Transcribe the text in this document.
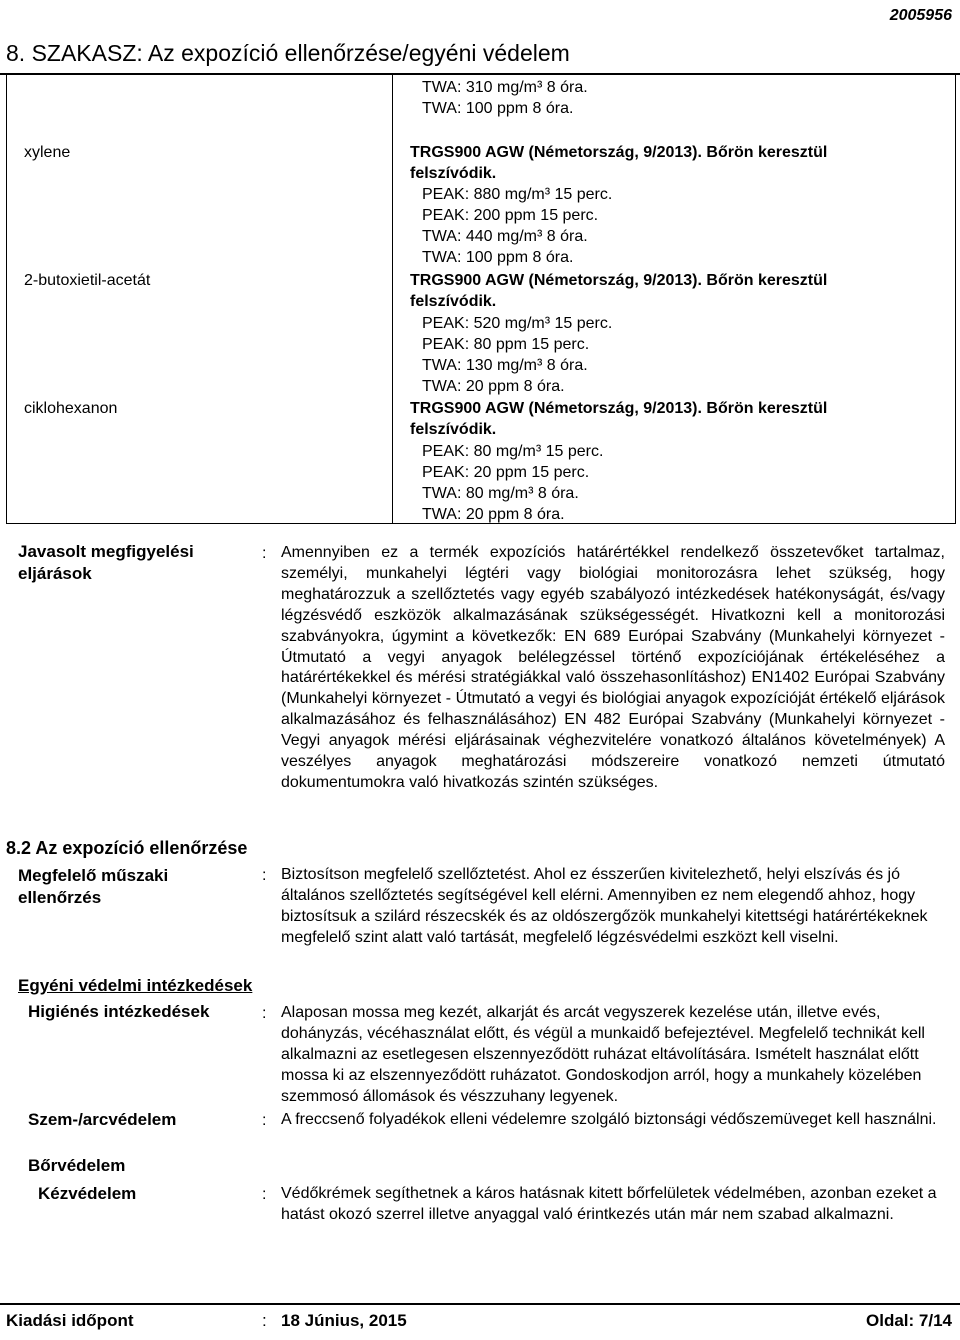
2005956
8. SZAKASZ: Az expozíció ellenőrzése/egyéni védelem
TWA: 310 mg/m³ 8 óra.
TWA: 100 ppm 8 óra.
xylene	TRGS900 AGW (Németország, 9/2013). Bőrön keresztül
felszívódik.
PEAK: 880 mg/m³ 15 perc.
PEAK: 200 ppm 15 perc.
TWA: 440 mg/m³ 8 óra.
TWA: 100 ppm 8 óra.
2-butoxietil-acetát	TRGS900 AGW (Németország, 9/2013). Bőrön keresztül
felszívódik.
PEAK: 520 mg/m³ 15 perc.
PEAK: 80 ppm 15 perc.
TWA: 130 mg/m³ 8 óra.
TWA: 20 ppm 8 óra.
ciklohexanon	TRGS900 AGW (Németország, 9/2013). Bőrön keresztül
felszívódik.
PEAK: 80 mg/m³ 15 perc.
PEAK: 20 ppm 15 perc.
TWA: 80 mg/m³ 8 óra.
TWA: 20 ppm 8 óra.
Javasolt megfigyelési
eljárások
: Amennyiben ez a termék expozíciós határértékkel rendelkező összetevőket tartalmaz, személyi, munkahelyi légtéri vagy biológiai monitorozásra lehet szükség, hogy meghatározzuk a szellőztetés vagy egyéb szabályozó intézkedések hatékonyságát, és/vagy légzésvédő eszközök alkalmazásának szükségességét. Hivatkozni kell a monitorozási szabványokra, úgymint a következők: EN 689 Európai Szabvány (Munkahelyi környezet - Útmutató a vegyi anyagok belélegzéssel történő expozíciójának értékeléséhez a határértékekkel és mérési stratégiákkal való összehasonlításhoz) EN1402 Európai Szabvány (Munkahelyi környezet - Útmutató a vegyi és biológiai anyagok expozícióját értékelő eljárások alkalmazásához és felhasználásához) EN 482 Európai Szabvány (Munkahelyi környezet - Vegyi anyagok mérési eljárásainak véghezvitelére vonatkozó általános követelmények) A veszélyes anyagok meghatározási módszereire vonatkozó nemzeti útmutató dokumentumokra való hivatkozás szintén szükséges.
8.2 Az expozíció ellenőrzése
Megfelelő műszaki
ellenőrzés
: Biztosítson megfelelő szellőztetést. Ahol ez ésszerűen kivitelezhető, helyi elszívás és jó általános szellőztetés segítségével kell elérni. Amennyiben ez nem elegendő ahhoz, hogy biztosítsuk a szilárd részecskék és az oldószergőzök munkahelyi kitettségi határértékeknek megfelelő szint alatt való tartását, megfelelő légzésvédelmi eszközt kell viselni.
Egyéni védelmi intézkedések
Higiénés intézkedések	: Alaposan mossa meg kezét, alkarját és arcát vegyszerek kezelése után, illetve evés, dohányzás, vécéhasználat előtt, és végül a munkaidő befejeztével. Megfelelő technikát kell alkalmazni az esetlegesen elszennyeződött ruházat eltávolítására. Ismételt használat előtt mossa ki az elszennyeződött ruházatot. Gondoskodjon arról, hogy a munkahely közelében szemmosó állomások és vészzuhany legyenek.
Szem-/arcvédelem	: A freccsenő folyadékok elleni védelemre szolgáló biztonsági védőszemüveget kell használni.
Bőrvédelem
Kézvédelem	: Védőkrémek segíthetnek a káros hatásnak kitett bőrfelületek védelmében, azonban ezeket a hatást okozó szerrel illetve anyaggal való érintkezés után már nem szabad alkalmazni.
Kiadási időpont	: 18 Június, 2015	Oldal: 7/14
